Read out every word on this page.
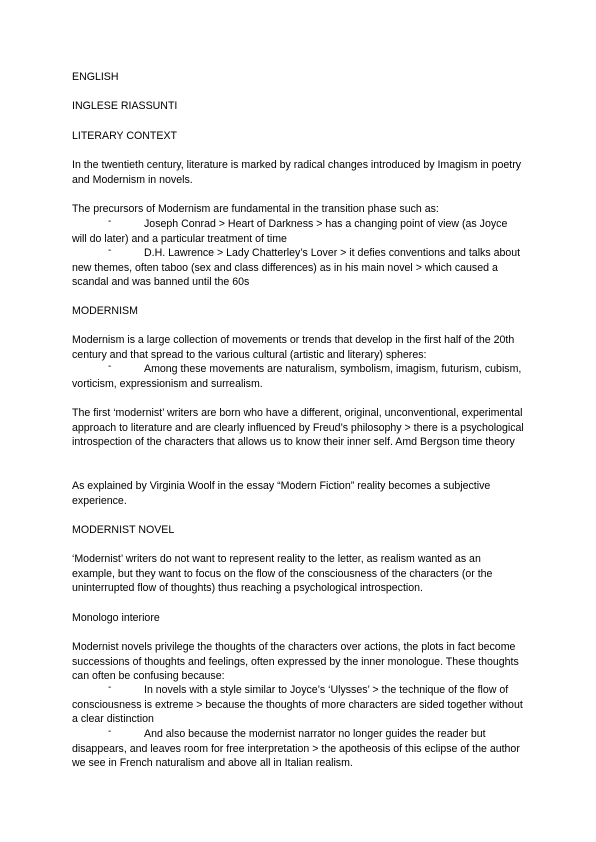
ENGLISH

INGLESE RIASSUNTI

LITERARY CONTEXT

In the twentieth century, literature is marked by radical changes introduced by Imagism in poetry and Modernism in novels.

The precursors of Modernism are fundamental in the transition phase such as:

-	Joseph Conrad > Heart of Darkness > has a changing point of view (as Joyce will do later) and a particular treatment of time
-	D.H. Lawrence > Lady Chatterley’s Lover > it defies conventions and talks about new themes, often taboo (sex and class differences) as in his main novel > which caused a scandal and was banned until the 60s

MODERNISM

Modernism is a large collection of movements or trends that develop in the first half of the 20th century and that spread to the various cultural (artistic and literary) spheres:

-	Among these movements are naturalism, symbolism, imagism, futurism, cubism, vorticism, expressionism and surrealism.

The first ‘modernist’ writers are born who have a different, original, unconventional, experimental approach to literature and are clearly influenced by Freud’s philosophy > there is a psychological introspection of the characters that allows us to know their inner self. Amd Bergson time theory

As explained by Virginia Woolf in the essay “Modern Fiction” reality becomes a subjective experience.

MODERNIST NOVEL

‘Modernist’ writers do not want to represent reality to the letter, as realism wanted as an example, but they want to focus on the flow of the consciousness of the characters (or the uninterrupted flow of thoughts) thus reaching a psychological introspection.

Monologo interiore

Modernist novels privilege the thoughts of the characters over actions, the plots in fact become successions of thoughts and feelings, often expressed by the inner monologue. These thoughts can often be confusing because:

-	In novels with a style similar to Joyce’s ‘Ulysses’ > the technique of the flow of consciousness is extreme > because the thoughts of more characters are sided together without a clear distinction
-	And also because the modernist narrator no longer guides the reader but disappears, and leaves room for free interpretation > the apotheosis of this eclipse of the author we see in French naturalism and above all in Italian realism.
